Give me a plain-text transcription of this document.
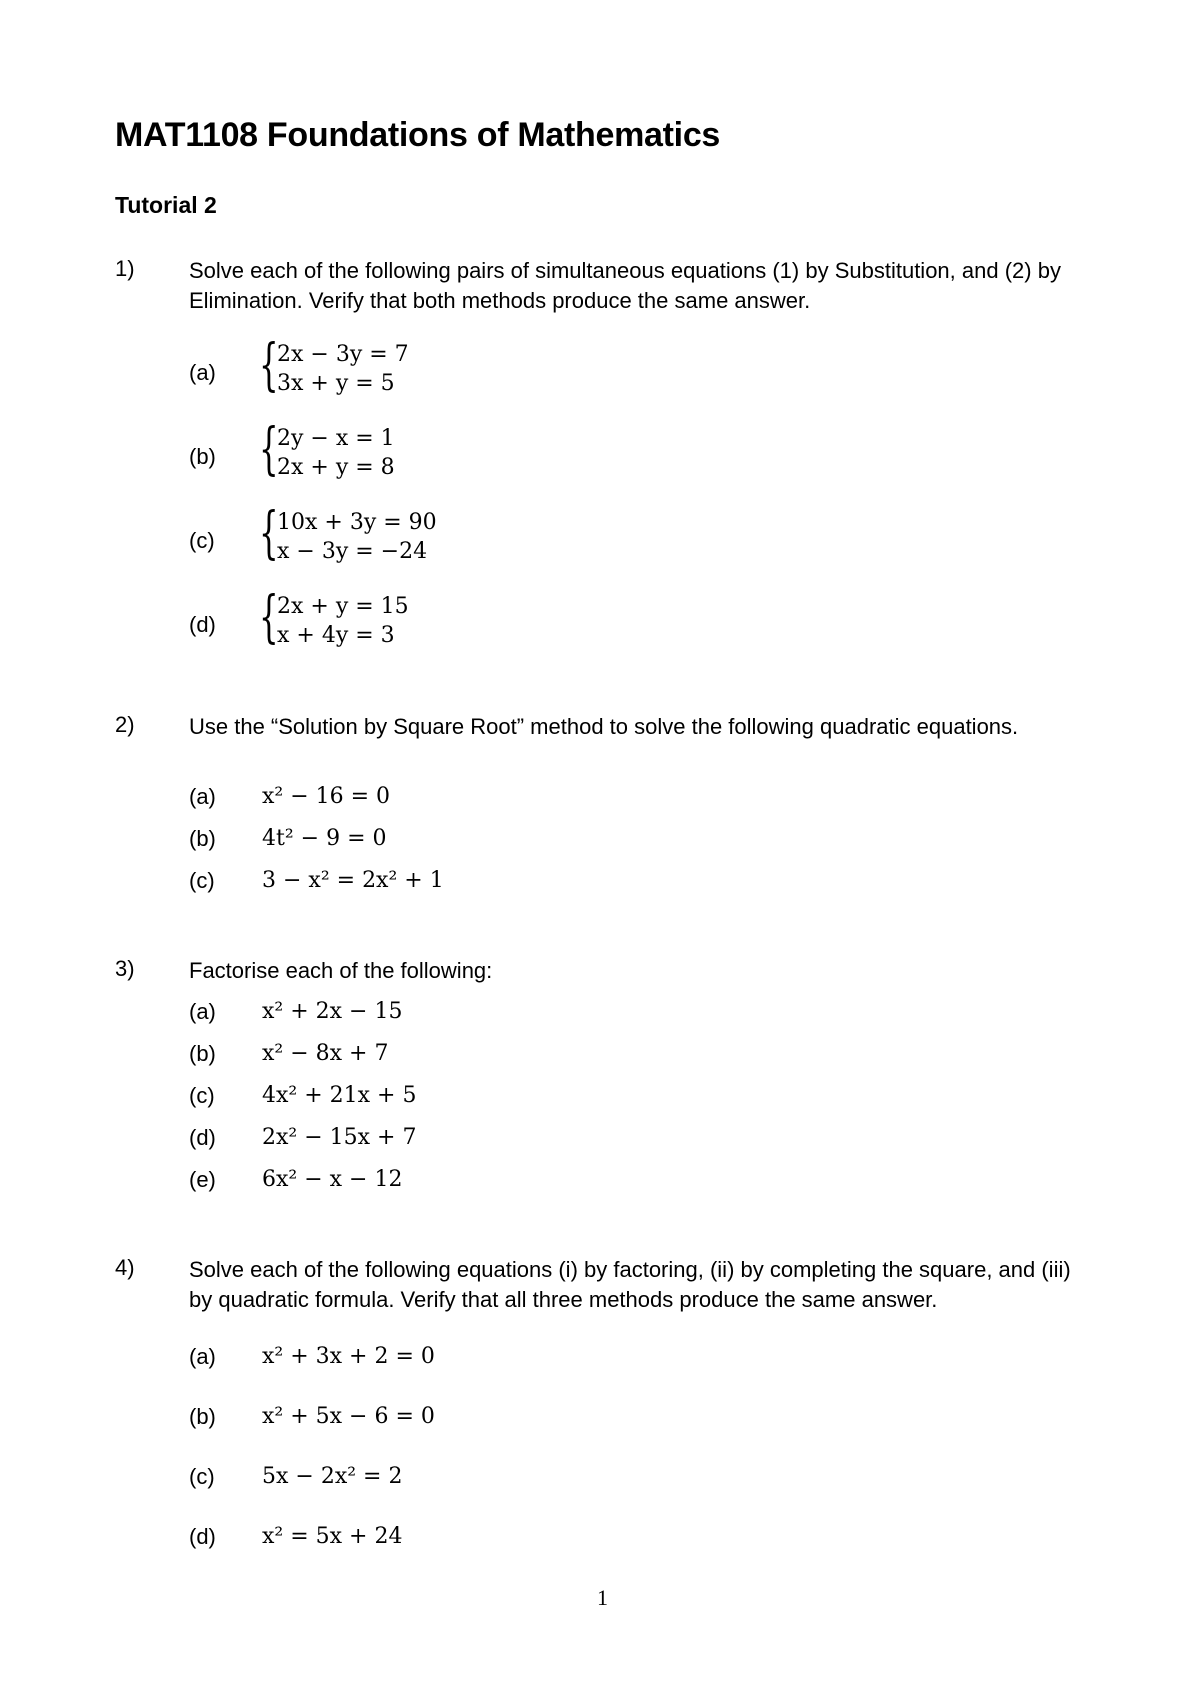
MAT1108 Foundations of Mathematics
Tutorial 2
1) Solve each of the following pairs of simultaneous equations (1) by Substitution, and (2) by Elimination. Verify that both methods produce the same answer.
(a) {
2x − 3y = 7
3x + y = 5
(b) {
2y − x = 1
2x + y = 8
(c) {
10x + 3y = 90
x − 3y = −24
(d) {
2x + y = 15
x + 4y = 3
2) Use the “Solution by Square Root” method to solve the following quadratic equations.
(a) x² − 16 = 0
(b) 4t² − 9 = 0
(c) 3 − x² = 2x² + 1
3) Factorise each of the following:
(a) x² + 2x − 15
(b) x² − 8x + 7
(c) 4x² + 21x + 5
(d) 2x² − 15x + 7
(e) 6x² − x − 12
4) Solve each of the following equations (i) by factoring, (ii) by completing the square, and (iii) by quadratic formula. Verify that all three methods produce the same answer.
(a) x² + 3x + 2 = 0
(b) x² + 5x − 6 = 0
(c) 5x − 2x² = 2
(d) x² = 5x + 24
1
